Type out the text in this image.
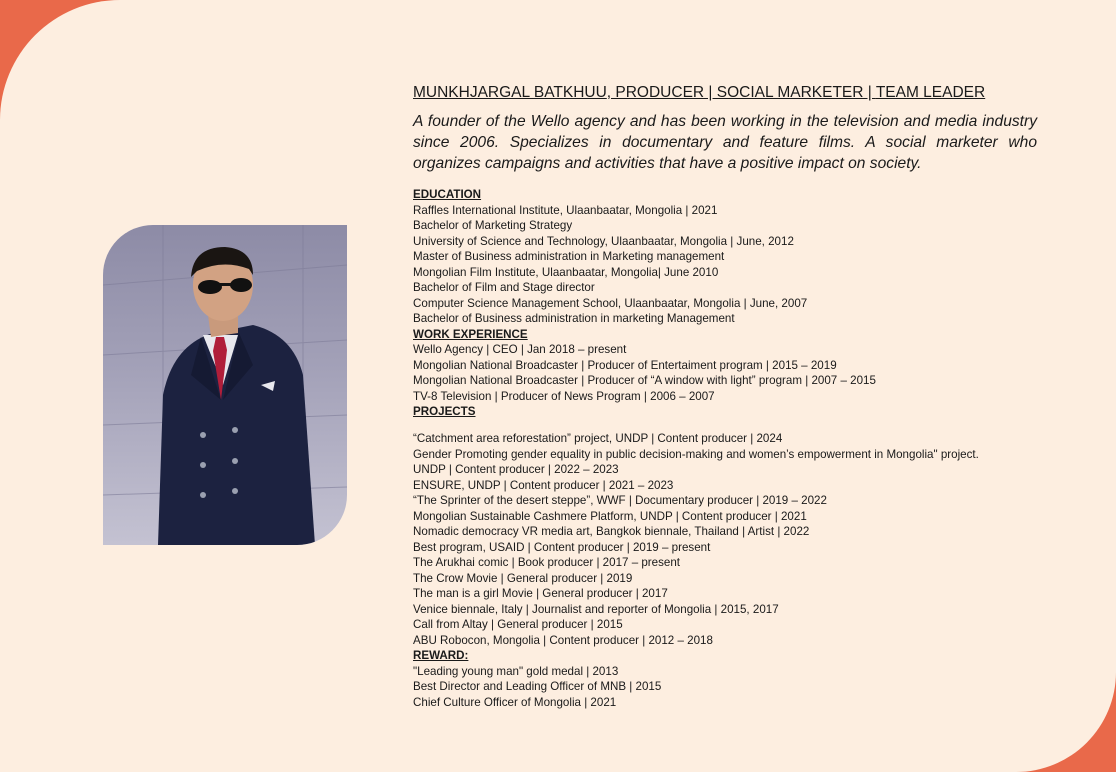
MUNKHJARGAL BATKHUU, PRODUCER | SOCIAL MARKETER | TEAM LEADER

A founder of the Wello agency and has been working in the television and media industry since 2006. Specializes in documentary and feature films. A social marketer who organizes campaigns and activities that have a positive impact on society.

EDUCATION

Raffles International Institute, Ulaanbaatar, Mongolia | 2021

Bachelor of Marketing Strategy

University of Science and Technology, Ulaanbaatar, Mongolia | June, 2012

Master of Business administration in Marketing management

Mongolian Film Institute, Ulaanbaatar, Mongolia| June 2010

Bachelor of Film and Stage director

Computer Science Management School, Ulaanbaatar, Mongolia | June, 2007

Bachelor of Business administration in marketing Management

WORK EXPERIENCE

Wello Agency | CEO | Jan 2018 – present

Mongolian National Broadcaster | Producer of Entertaiment program | 2015 – 2019

Mongolian National Broadcaster | Producer of “A window with light” program | 2007 – 2015

TV-8 Television | Producer of News Program | 2006 – 2007

PROJECTS

“Catchment area reforestation” project, UNDP | Content producer | 2024

Gender Promoting gender equality in public decision-making and women’s empowerment in Mongolia" project.

UNDP | Content producer | 2022 – 2023

ENSURE, UNDP | Content producer | 2021 – 2023

“The Sprinter of the desert steppe”, WWF | Documentary producer | 2019 – 2022

Mongolian Sustainable Cashmere Platform, UNDP | Content producer | 2021

Nomadic democracy VR media art, Bangkok biennale, Thailand | Artist | 2022

Best program, USAID | Content producer | 2019 – present

The Arukhai comic | Book producer | 2017 – present

The Crow Movie | General producer | 2019

The man is a girl Movie | General producer | 2017

Venice biennale, Italy | Journalist and reporter of Mongolia | 2015, 2017

Call from Altay | General producer | 2015

ABU Robocon, Mongolia | Content producer | 2012 – 2018

REWARD:

"Leading young man" gold medal | 2013

Best Director and Leading Officer of MNB | 2015

Chief Culture Officer of Mongolia | 2021
